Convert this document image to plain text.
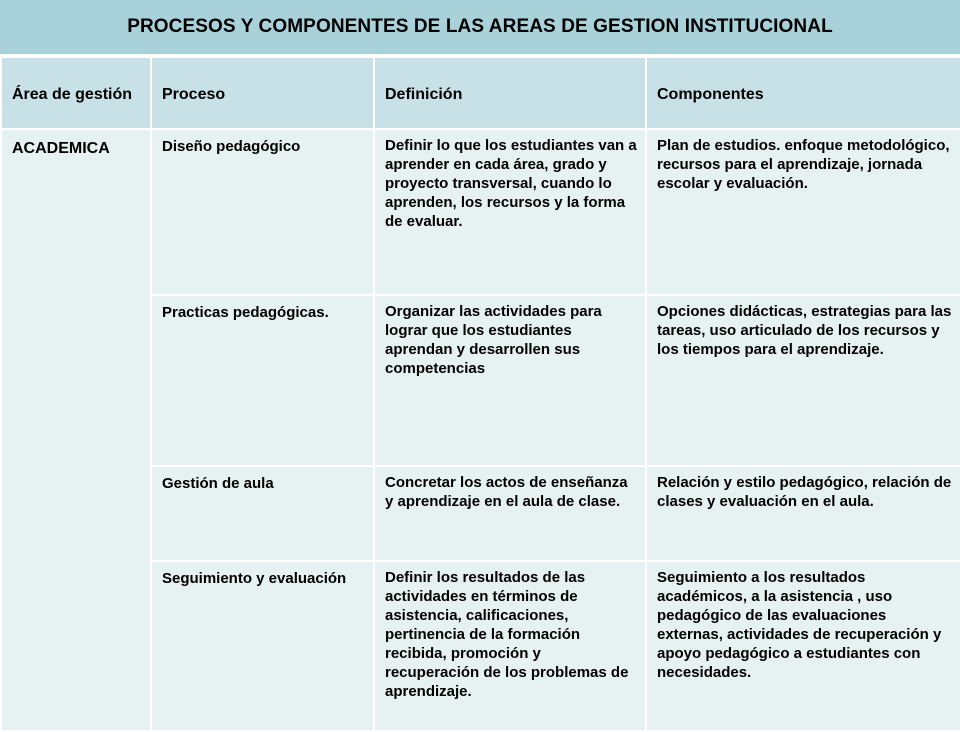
PROCESOS Y COMPONENTES DE LAS AREAS DE GESTION INSTITUCIONAL
Área de gestión	Proceso	Definición	Componentes
ACADEMICA	Diseño pedagógico	Definir lo que los estudiantes van a aprender en cada área, grado y proyecto transversal, cuando lo aprenden, los recursos y la forma de evaluar.	Plan de estudios. enfoque metodológico, recursos para el aprendizaje, jornada escolar y evaluación.
	Practicas pedagógicas.	Organizar las actividades para lograr que los estudiantes aprendan y desarrollen sus competencias	Opciones didácticas, estrategias para las tareas, uso articulado de los recursos y los tiempos para el aprendizaje.
	Gestión de aula	Concretar los actos de enseñanza y aprendizaje en el aula de clase.	Relación y estilo pedagógico, relación de clases y evaluación en el aula.
	Seguimiento y evaluación	Definir los resultados de las actividades en términos de asistencia, calificaciones, pertinencia de la formación recibida, promoción y recuperación de los problemas de aprendizaje.	Seguimiento a los resultados académicos, a la asistencia , uso pedagógico de las evaluaciones externas, actividades de recuperación y apoyo pedagógico a estudiantes con necesidades.
